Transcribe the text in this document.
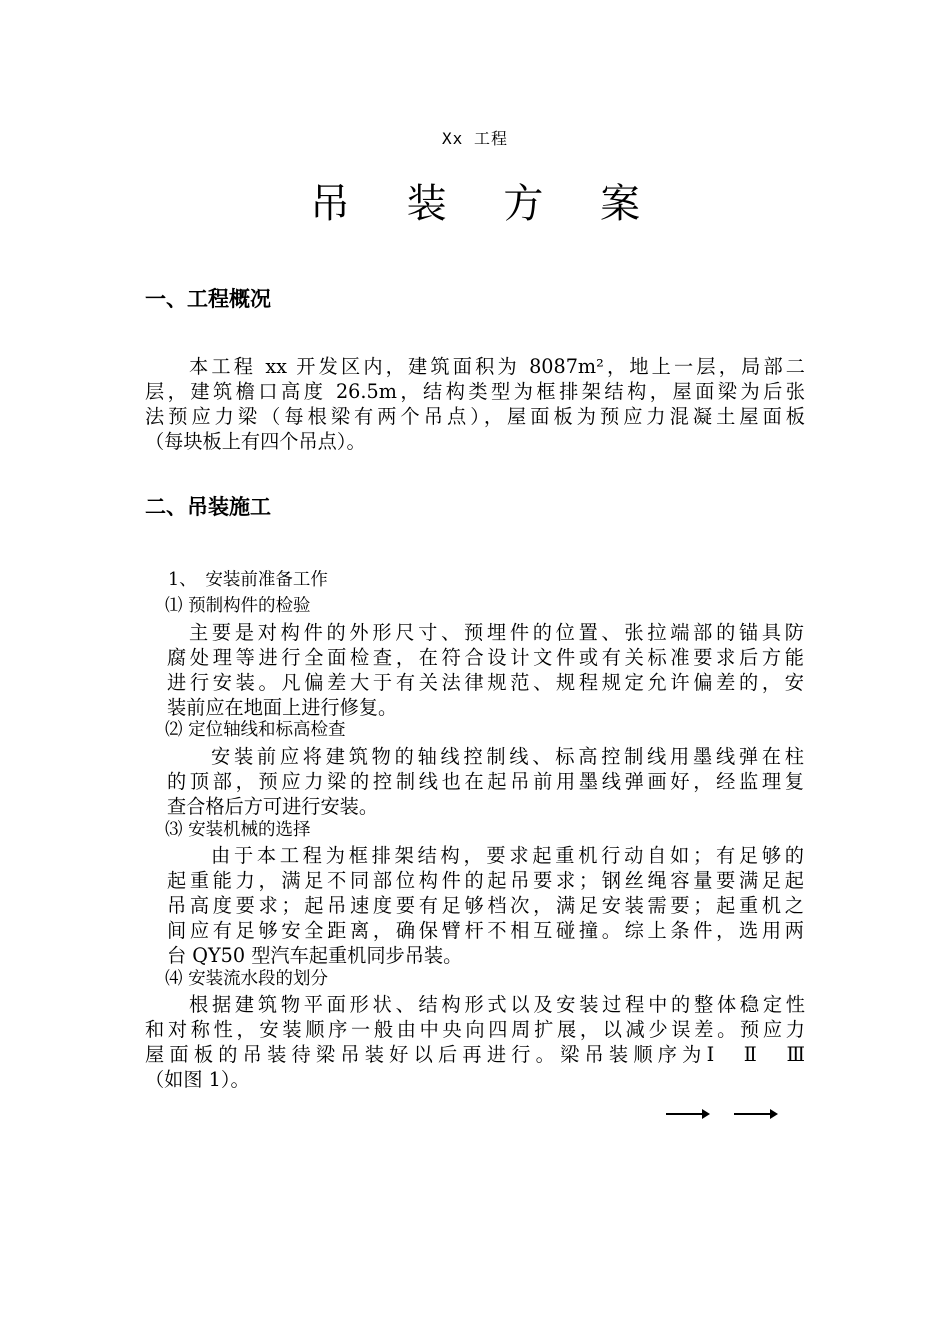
Xx 工程
吊 装 方 案
一、工程概况
本工程 xx 开发区内，建筑面积为 8087m²，地上一层，局部二
层，建筑檐口高度 26.5m，结构类型为框排架结构，屋面梁为后张
法预应力梁（每根梁有两个吊点），屋面板为预应力混凝土屋面板
（每块板上有四个吊点）。
二、吊装施工
1、　安装前准备工作
⑴ 预制构件的检验
主要是对构件的外形尺寸、预埋件的位置、张拉端部的锚具防
腐处理等进行全面检查，在符合设计文件或有关标准要求后方能
进行安装。凡偏差大于有关法律规范、规程规定允许偏差的，安
装前应在地面上进行修复。
⑵ 定位轴线和标高检查
安装前应将建筑物的轴线控制线、标高控制线用墨线弹在柱
的顶部，预应力梁的控制线也在起吊前用墨线弹画好，经监理复
查合格后方可进行安装。
⑶ 安装机械的选择
由于本工程为框排架结构，要求起重机行动自如；有足够的
起重能力，满足不同部位构件的起吊要求；钢丝绳容量要满足起
吊高度要求；起吊速度要有足够档次，满足安装需要；起重机之
间应有足够安全距离，确保臂杆不相互碰撞。综上条件，选用两
台 QY50 型汽车起重机同步吊装。
⑷ 安装流水段的划分
根据建筑物平面形状、结构形式以及安装过程中的整体稳定性
和对称性，安装顺序一般由中央向四周扩展，以减少误差。预应力
屋面板的吊装待梁吊装好以后再进行。梁吊装顺序为Ⅰ　Ⅱ　Ⅲ
（如图 1）。
